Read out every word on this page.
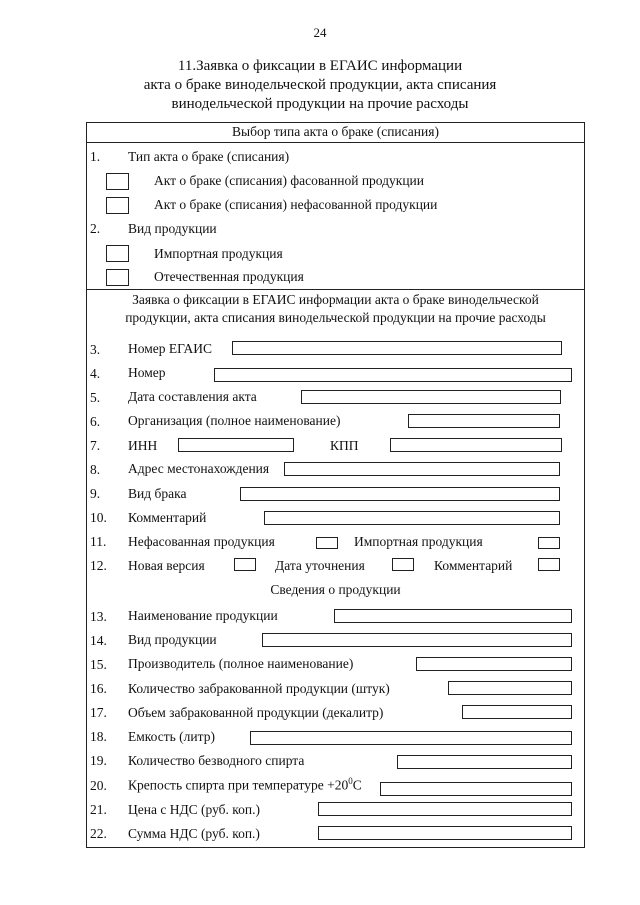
24
11.Заявка о фиксации в ЕГАИС информации
акта о браке винодельческой продукции, акта списания
винодельческой продукции на прочие расходы
Выбор типа акта о браке (списания)
1.	Тип акта о браке (списания)
Акт о браке (списания) фасованной продукции
Акт о браке (списания) нефасованной продукции
2.	Вид продукции
Импортная продукция
Отечественная продукция
Заявка о фиксации в ЕГАИС информации акта о браке винодельческой
продукции, акта списания винодельческой продукции на прочие расходы
3.	Номер ЕГАИС
4.	Номер
5.	Дата составления акта
6.	Организация (полное наименование)
7.	ИНН	КПП
8.	Адрес местонахождения
9.	Вид брака
10.	Комментарий
11.	Нефасованная продукция	Импортная продукция
12.	Новая версия	Дата уточнения	Комментарий
Сведения о продукции
13.	Наименование продукции
14.	Вид продукции
15.	Производитель (полное наименование)
16.	Количество забракованной продукции (штук)
17.	Объем забракованной продукции (декалитр)
18.	Емкость (литр)
19.	Количество безводного спирта
20.	Крепость спирта при температуре $+20^0С$
21.	Цена с НДС (руб. коп.)
22.	Сумма НДС (руб. коп.)
